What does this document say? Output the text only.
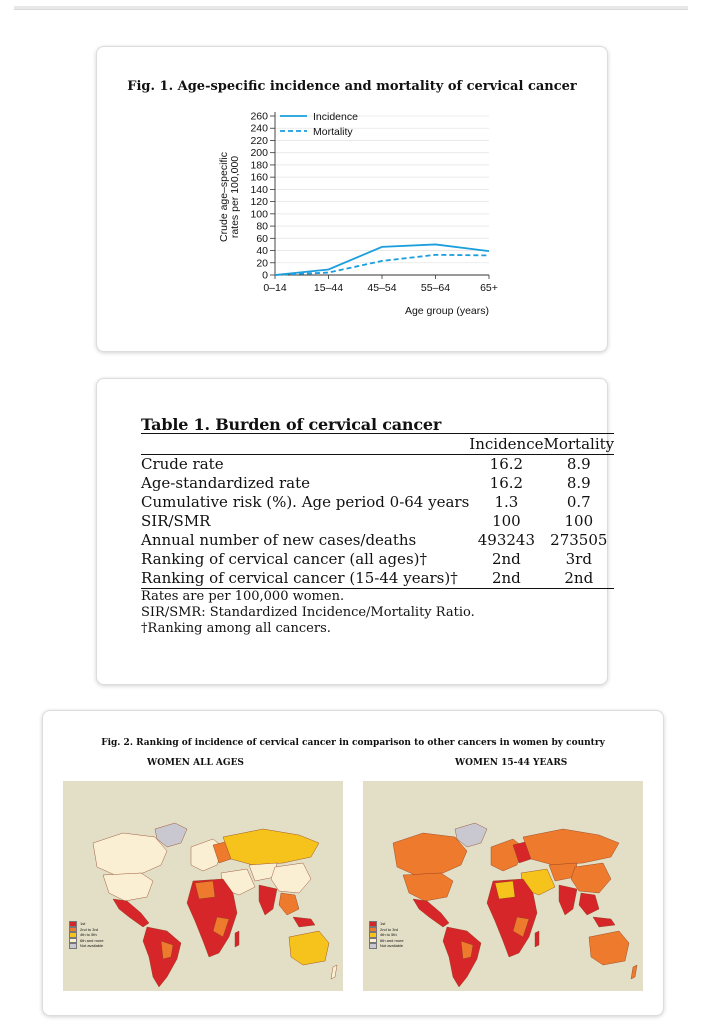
Fig. 1. Age-specific incidence and mortality of cervical cancer
0
20
40
60
80
100
120
140
160
180
200
220
240
260
0–14	15–44 45–54 55–64	65+
Age group (years)
Crude age–specific rates per 100,000
Incidence
Mortality
Table 1. Burden of cervical cancer
	Incidence	Mortality
Crude rate	16.2	8.9
Age-standardized rate	16.2	8.9
Cumulative risk (%). Age period 0-64 years	1.3	0.7
SIR/SMR	100	100
Annual number of new cases/deaths	493243	273505
Ranking of cervical cancer (all ages)†	2nd	3rd
Ranking of cervical cancer (15-44 years)†	2nd	2nd
Rates are per 100,000 women.
SIR/SMR: Standardized Incidence/Mortality Ratio.
†Ranking among all cancers.
Fig. 2. Ranking of incidence of cervical cancer in comparison to other cancers in women by country
WOMEN ALL AGES	WOMEN 15-44 YEARS
1st
2nd to 3rd
4th to 5th
6th and more
Not available
1st
2nd to 3rd
4th to 5th
6th and more
Not available
